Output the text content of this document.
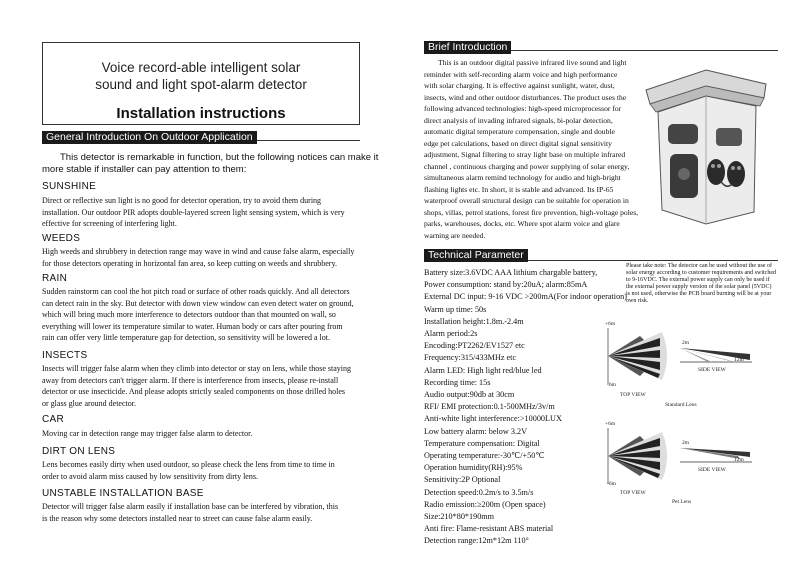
Voice record-able intelligent solar
sound and light spot-alarm detector
Installation instructions
General Introduction On Outdoor Application
This detector is remarkable in function, but the following notices can make it
more stable if installer can pay attention to them:
SUNSHINE
Direct or reflective sun light is no good for detector operation, try to avoid them during
installation. Our outdoor PIR adopts double-layered screen light sensing system, which is very
effective for screening of interfering light.
WEEDS
High weeds and shrubbery in detection range may wave in wind and cause false alarm, especially
for those detectors operating in horizontal fan area, so keep cutting on weeds and shrubbery.
RAIN
Sudden rainstorm can cool the hot pitch road or surface of other roads quickly. And all detectors
can detect rain in the sky. But detector with down view window can even detect water on ground,
which will bring much more interference to detectors outdoor than that mounted on wall, so
everything will lower its temperature similar to water. Human body or cars after pouring from
rain can offer very little temperature gap for detection, so sensitivity will be lowered a lot.
INSECTS
Insects will trigger false alarm when they climb into detector or stay on lens, while those staying
away from detectors can't trigger alarm. If there is interference from insects, please re-install
detector or use insecticide. And please adopts strictly sealed components on those drilled holes
or glass glue around detector.
CAR
Moving car in detection range may trigger false alarm to detector.
DIRT ON LENS
Lens becomes easily dirty when used outdoor, so please check the lens from time to time in
order to avoid alarm miss caused by low sensitivity from dirty lens.
UNSTABLE INSTALLATION BASE
Detector will trigger false alarm easily if installation base can be interfered by vibration, this
is the reason why some detectors installed near to street can cause false alarm easily.
Brief Introduction
This is an outdoor digital passive infrared live sound and light
reminder with self-recording alarm voice and high performance
with solar charging. It is effective against sunlight, water, dust,
insects, wind and other outdoor disturbances. The product uses the
following advanced technologies: high-speed microprocessor for
direct analysis of invading infrared signals, bi-polar detection,
automatic digital temperature compensation, single and double
edge pet calculations, based on direct digital signal sensitivity
adjustment, Signal filtering to stray light base on multiple infrared
channel , continuous charging and power supplying of solar energy,
simultaneous alarm remind technology for audio and high-bright
flashing lights etc. In short, it is stable and advanced. Its IP-65
waterproof overall structural design can be suitable for operation in
shops, villas, petrol stations, forest fire prevention, high-voltage poles,
parks, warehouses, docks, etc. Where spot alarm voice and glare
warning are needed.
Technical Parameter
Battery size:3.6VDC AAA lithium chargable battery,
Power consumption: stand by:20uA; alarm:85mA
External DC input: 9-16 VDC >200mA(For indoor operation)
Warm up time: 50s
Installation height:1.8m.-2.4m
Alarm period:2s
Encoding:PT2262/EV1527 etc
Frequency:315/433MHz etc
Alarm LED: High light red/blue led
Recording time: 15s
Audio output:90db at 30cm
RFI/ EMI protection:0.1-500MHz/3v/m
Anti-white light interference:>10000LUX
Low battery alarm: below 3.2V
Temperature compensation: Digital
Operating temperature:-30℃/+50℃
Operation humidity(RH):95%
Sensitivity:2P Optional
Detection speed:0.2m/s to 3.5m/s
Radio emission:≥200m (Open space)
Size:210*80*190mm
Anti fire: Flame-resistant ABS material
Detection range:12m*12m 110°
Please take note: The detector can be used without the use of solar energy according to customer requirements and switched to 9-16VDC. The external power supply can only be used if the external power supply version of the solar panel (5VDC) is not used, otherwise the PCB board burning will be at your own risk.
+6m
-6m
TOP VIEW
2m
12m
SIDE VIEW
Standard Lens
+6m
-6m
TOP VIEW
2m
12m
SIDE VIEW
Pet Lens
